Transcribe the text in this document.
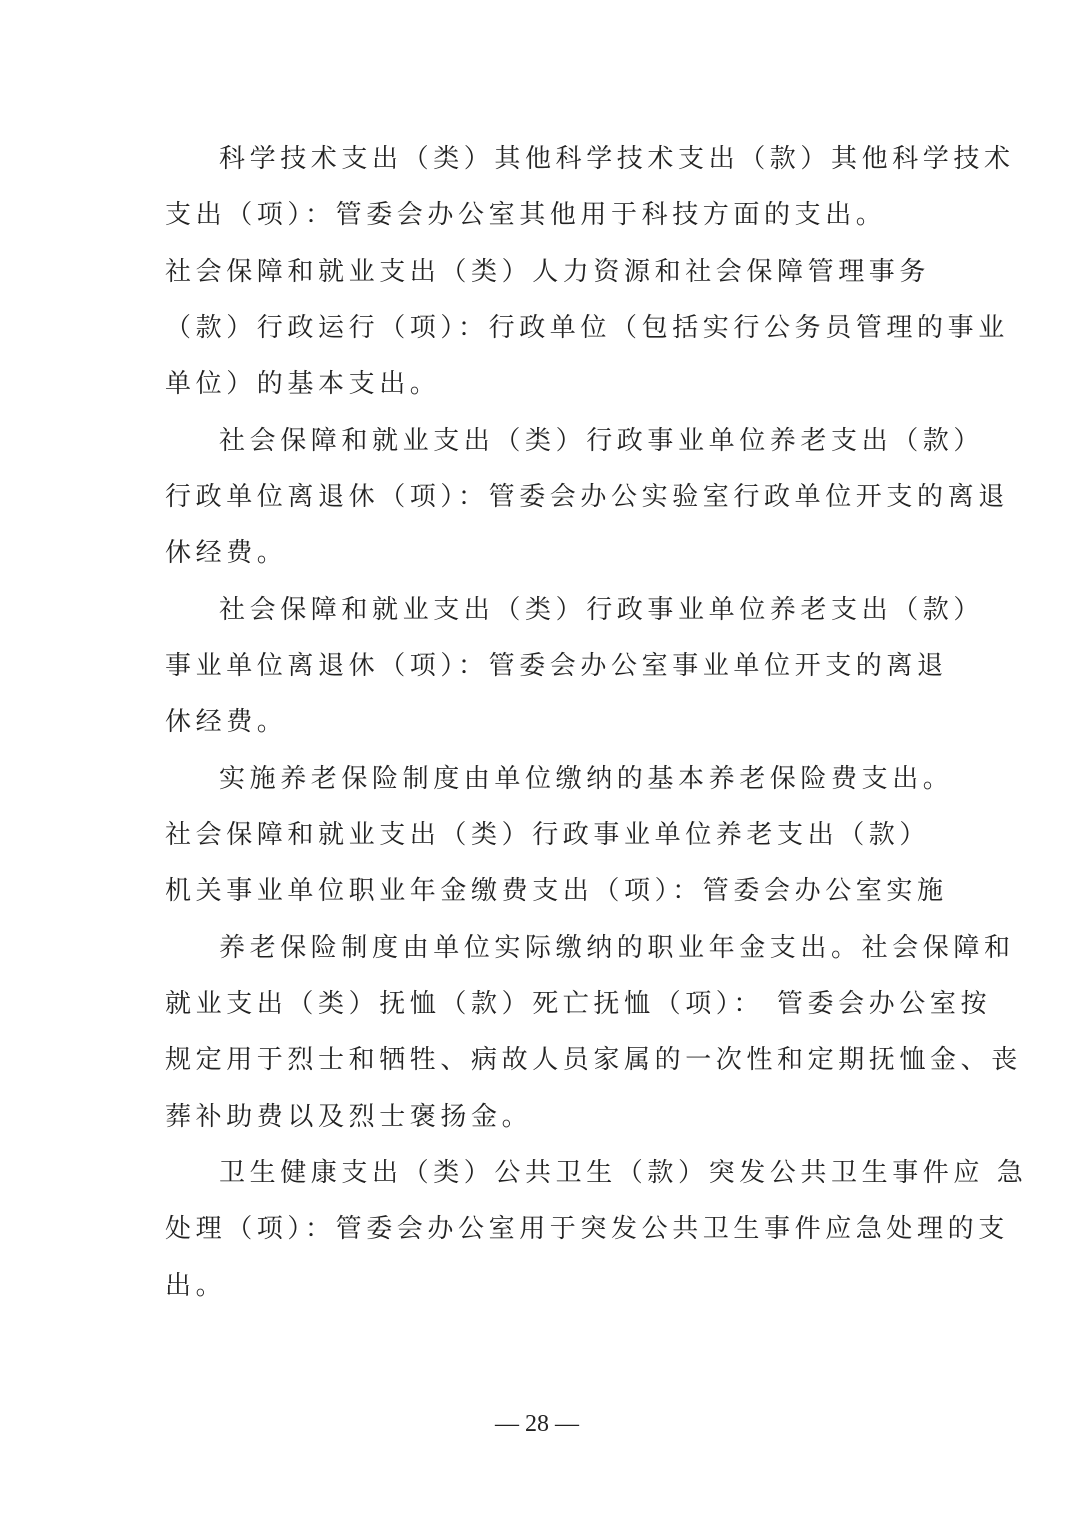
科学技术支出（类）其他科学技术支出（款）其他科学技术
支出（项）：管委会办公室其他用于科技方面的支出。
社会保障和就业支出（类）人力资源和社会保障管理事务
（款）行政运行（项）：行政单位（包括实行公务员管理的事业
单位）的基本支出。
社会保障和就业支出（类）行政事业单位养老支出（款）
行政单位离退休（项）：管委会办公实验室行政单位开支的离退
休经费。
社会保障和就业支出（类）行政事业单位养老支出（款）
事业单位离退休（项）：管委会办公室事业单位开支的离退
休经费。
实施养老保险制度由单位缴纳的基本养老保险费支出。
社会保障和就业支出（类）行政事业单位养老支出（款）
机关事业单位职业年金缴费支出（项）：管委会办公室实施
养老保险制度由单位实际缴纳的职业年金支出。社会保障和
就业支出（类）抚恤（款）死亡抚恤（项）： 管委会办公室按
规定用于烈士和牺牲、病故人员家属的一次性和定期抚恤金、丧
葬补助费以及烈士褒扬金。
卫生健康支出（类）公共卫生（款）突发公共卫生事件应 急
处理（项）：管委会办公室用于突发公共卫生事件应急处理的支
出。
— 28 —
